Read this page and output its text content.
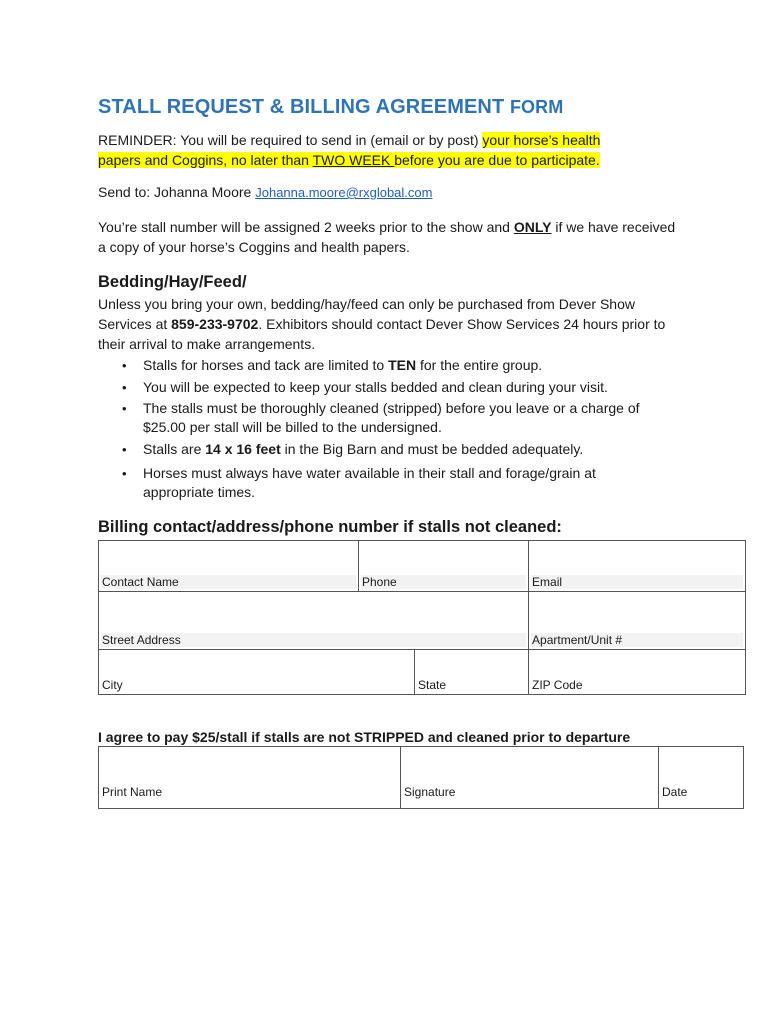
STALL REQUEST & BILLING AGREEMENT FORM

REMINDER: You will be required to send in (email or by post) your horse’s health papers and Coggins, no later than TWO WEEK before you are due to participate.

Send to: Johanna Moore Johanna.moore@rxglobal.com

You’re stall number will be assigned 2 weeks prior to the show and ONLY if we have received a copy of your horse’s Coggins and health papers.

Bedding/Hay/Feed/

Unless you bring your own, bedding/hay/feed can only be purchased from Dever Show Services at 859-233-9702. Exhibitors should contact Dever Show Services 24 hours prior to their arrival to make arrangements.

• Stalls for horses and tack are limited to TEN for the entire group.
• You will be expected to keep your stalls bedded and clean during your visit.
• The stalls must be thoroughly cleaned (stripped) before you leave or a charge of $25.00 per stall will be billed to the undersigned.
• Stalls are 14 x 16 feet in the Big Barn and must be bedded adequately.
• Horses must always have water available in their stall and forage/grain at appropriate times.
Billing contact/address/phone number if stalls not cleaned:
Contact Name	Phone		Email

Street Address			Apartment/Unit #

City		State	ZIP Code
I agree to pay $25/stall if stalls are not STRIPPED and cleaned prior to departure
Print Name	Signature	Date
